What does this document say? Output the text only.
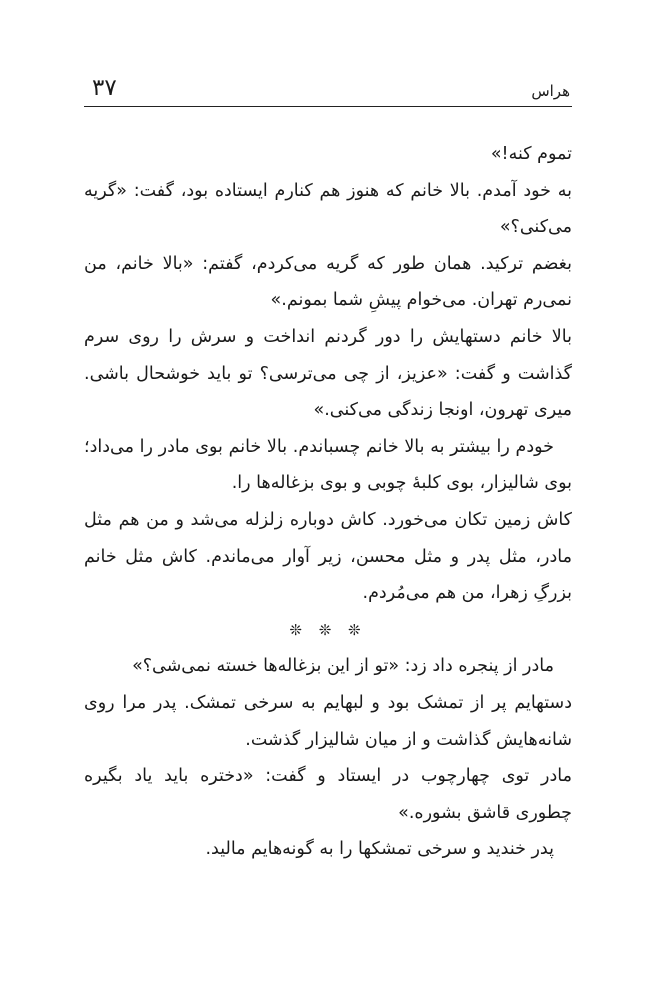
۳۷	هراس

تموم کنه!»

به خود آمدم. بالا خانم که هنوز هم کنارم ایستاده بود، گفت: «گریه می‌کنی؟»

بغضم ترکید. همان طور که گریه می‌کردم، گفتم: «بالا خانم، من نمی‌رم تهران. می‌خوام پیشِ شما بمونم.»

بالا خانم دستهایش را دور گردنم انداخت و سرش را روی سرم گذاشت و گفت: «عزیز، از چی می‌ترسی؟ تو باید خوشحال باشی. میری تهرون، اونجا زندگی می‌کنی.»

خودم را بیشتر به بالا خانم چسباندم. بالا خانم بوی مادر را می‌داد؛ بوی شالیزار، بوی کلبهٔ چوبی و بوی بزغاله‌ها را.

کاش زمین تکان می‌خورد. کاش دوباره زلزله می‌شد و من هم مثل مادر، مثل پدر و مثل محسن، زیر آوار می‌ماندم. کاش مثل خانم بزرگِ زهرا، من هم می‌مُردم.

❊ ❊ ❊

مادر از پنجره داد زد: «تو از این بزغاله‌ها خسته نمی‌شی؟»

دستهایم پر از تمشک بود و لبهایم به سرخی تمشک. پدر مرا روی شانه‌هایش گذاشت و از میان شالیزار گذشت.

مادر توی چهارچوب در ایستاد و گفت: «دختره باید یاد بگیره چطوری قاشق بشوره.»

پدر خندید و سرخی تمشکها را به گونه‌هایم مالید.
